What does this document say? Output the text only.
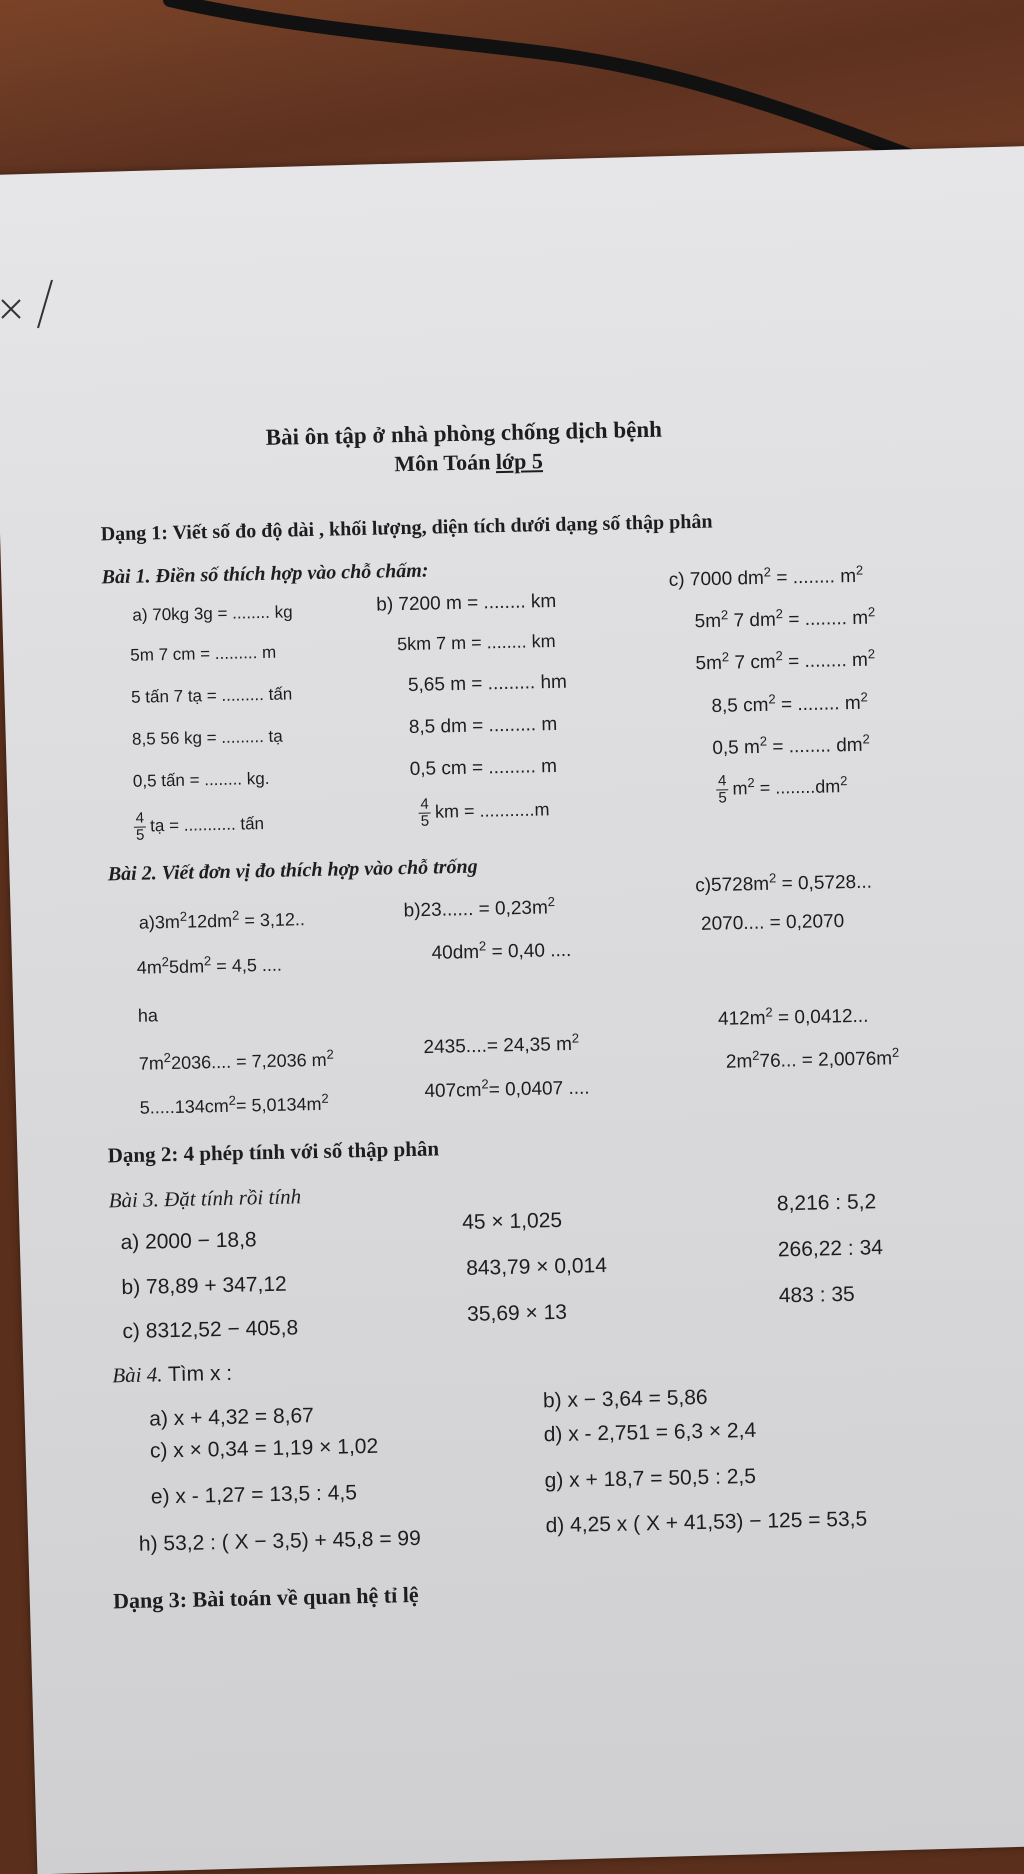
Bài ôn tập ở nhà phòng chống dịch bệnh
Môn Toán lớp 5
Dạng 1: Viết số đo độ dài , khối lượng, diện tích dưới dạng số thập phân
Bài 1. Điền số thích hợp vào chỗ chấm:
a) 70kg 3g = ........ kg
5m 7 cm = ......... m
5 tấn 7 tạ = ......... tấn
8,5 56 kg = ......... tạ
0,5 tấn = ........ kg.
$\frac{4}{5}$ tạ = ........... tấn
b) 7200 m = ........ km
5km 7 m = ........ km
5,65 m = ......... hm
8,5 dm = ......... m
0,5 cm = ......... m
$\frac{4}{5}$ km = ...........m
c) 7000 $dm^2$ = ........ $m^2$
$5m^2$ 7 $dm^2$ = ........ $m^2$
$5m^2$ 7 $cm^2$ = ........ $m^2$
8,5 $cm^2$ = ........ $m^2$
0,5 $m^2$ = ........ $dm^2$
$\frac{4}{5} m^2 = ........dm^2$
Bài 2. Viết đơn vị đo thích hợp vào chỗ trống
$a)3m^212dm^2 = 3,12$..
$4m^25dm^2 = 4,5$ ....
ha
$7m^22036$.... = 7,2036 $m^2$
$5.....134cm^2= 5,0134m^2$
b)23...... = $0,23m^2$
$40dm^2 = 0,40$ ....
2435....= 24,35 $m^2$
$407cm^2= 0,0407$ ....
$c)5728m^2 = 0,5728$...
2070.... = 0,2070
$412m^2 = 0,0412$...
$2m^276$... = $2,0076m^2$
Dạng 2: 4 phép tính với số thập phân
Bài 3. Đặt tính rồi tính
a) 2000 − 18,8
45 × 1,025
8,216 : 5,2
b) 78,89 + 347,12
843,79 × 0,014
266,22 : 34
c) 8312,52 − 405,8
35,69 × 13
483 : 35
Bài 4. Tìm x :
a) x + 4,32 = 8,67
b) x − 3,64 = 5,86
c) x × 0,34 = 1,19 × 1,02
d) x - 2,751 = 6,3 × 2,4
e) x - 1,27 = 13,5 : 4,5
g) x + 18,7 = 50,5 : 2,5
h) 53,2 : ( X − 3,5) + 45,8 = 99
d) 4,25 x ( X + 41,53) − 125 = 53,5
Dạng 3: Bài toán về quan hệ tỉ lệ
